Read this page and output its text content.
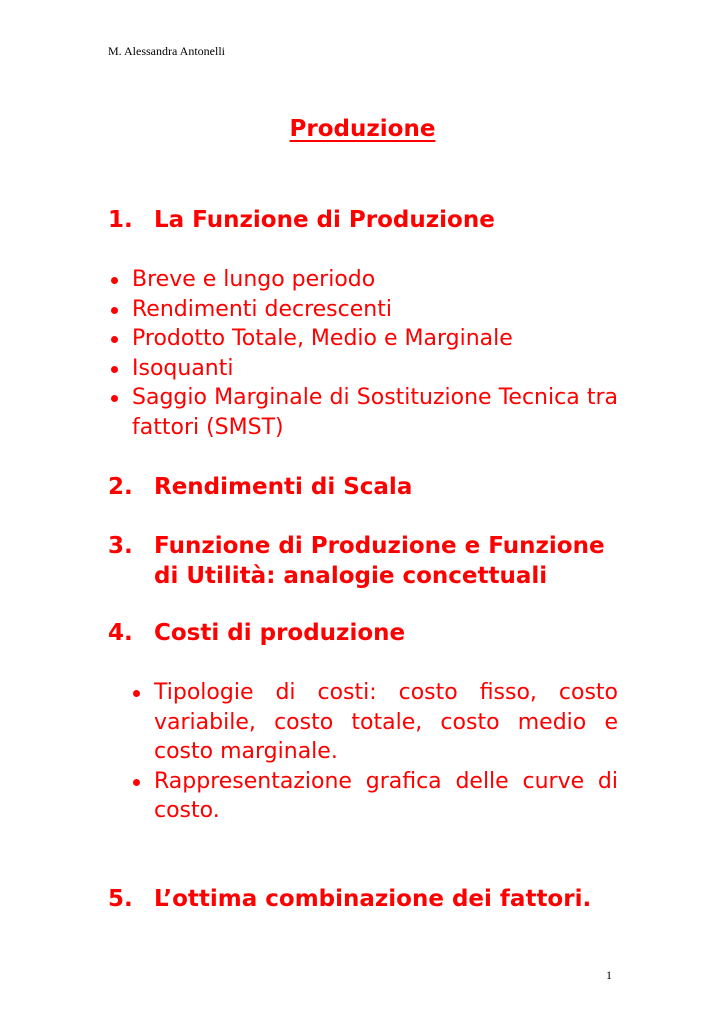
M. Alessandra Antonelli
Produzione
1. La Funzione di Produzione
Breve e lungo periodo
Rendimenti decrescenti
Prodotto Totale, Medio e Marginale
Isoquanti
Saggio Marginale di Sostituzione Tecnica tra fattori (SMST)
2. Rendimenti di Scala
3. Funzione di Produzione e Funzione di Utilità: analogie concettuali
4. Costi di produzione
Tipologie di costi: costo fisso, costo variabile, costo totale, costo medio e costo marginale.
Rappresentazione grafica delle curve di costo.
5. L’ottima combinazione dei fattori.
1
